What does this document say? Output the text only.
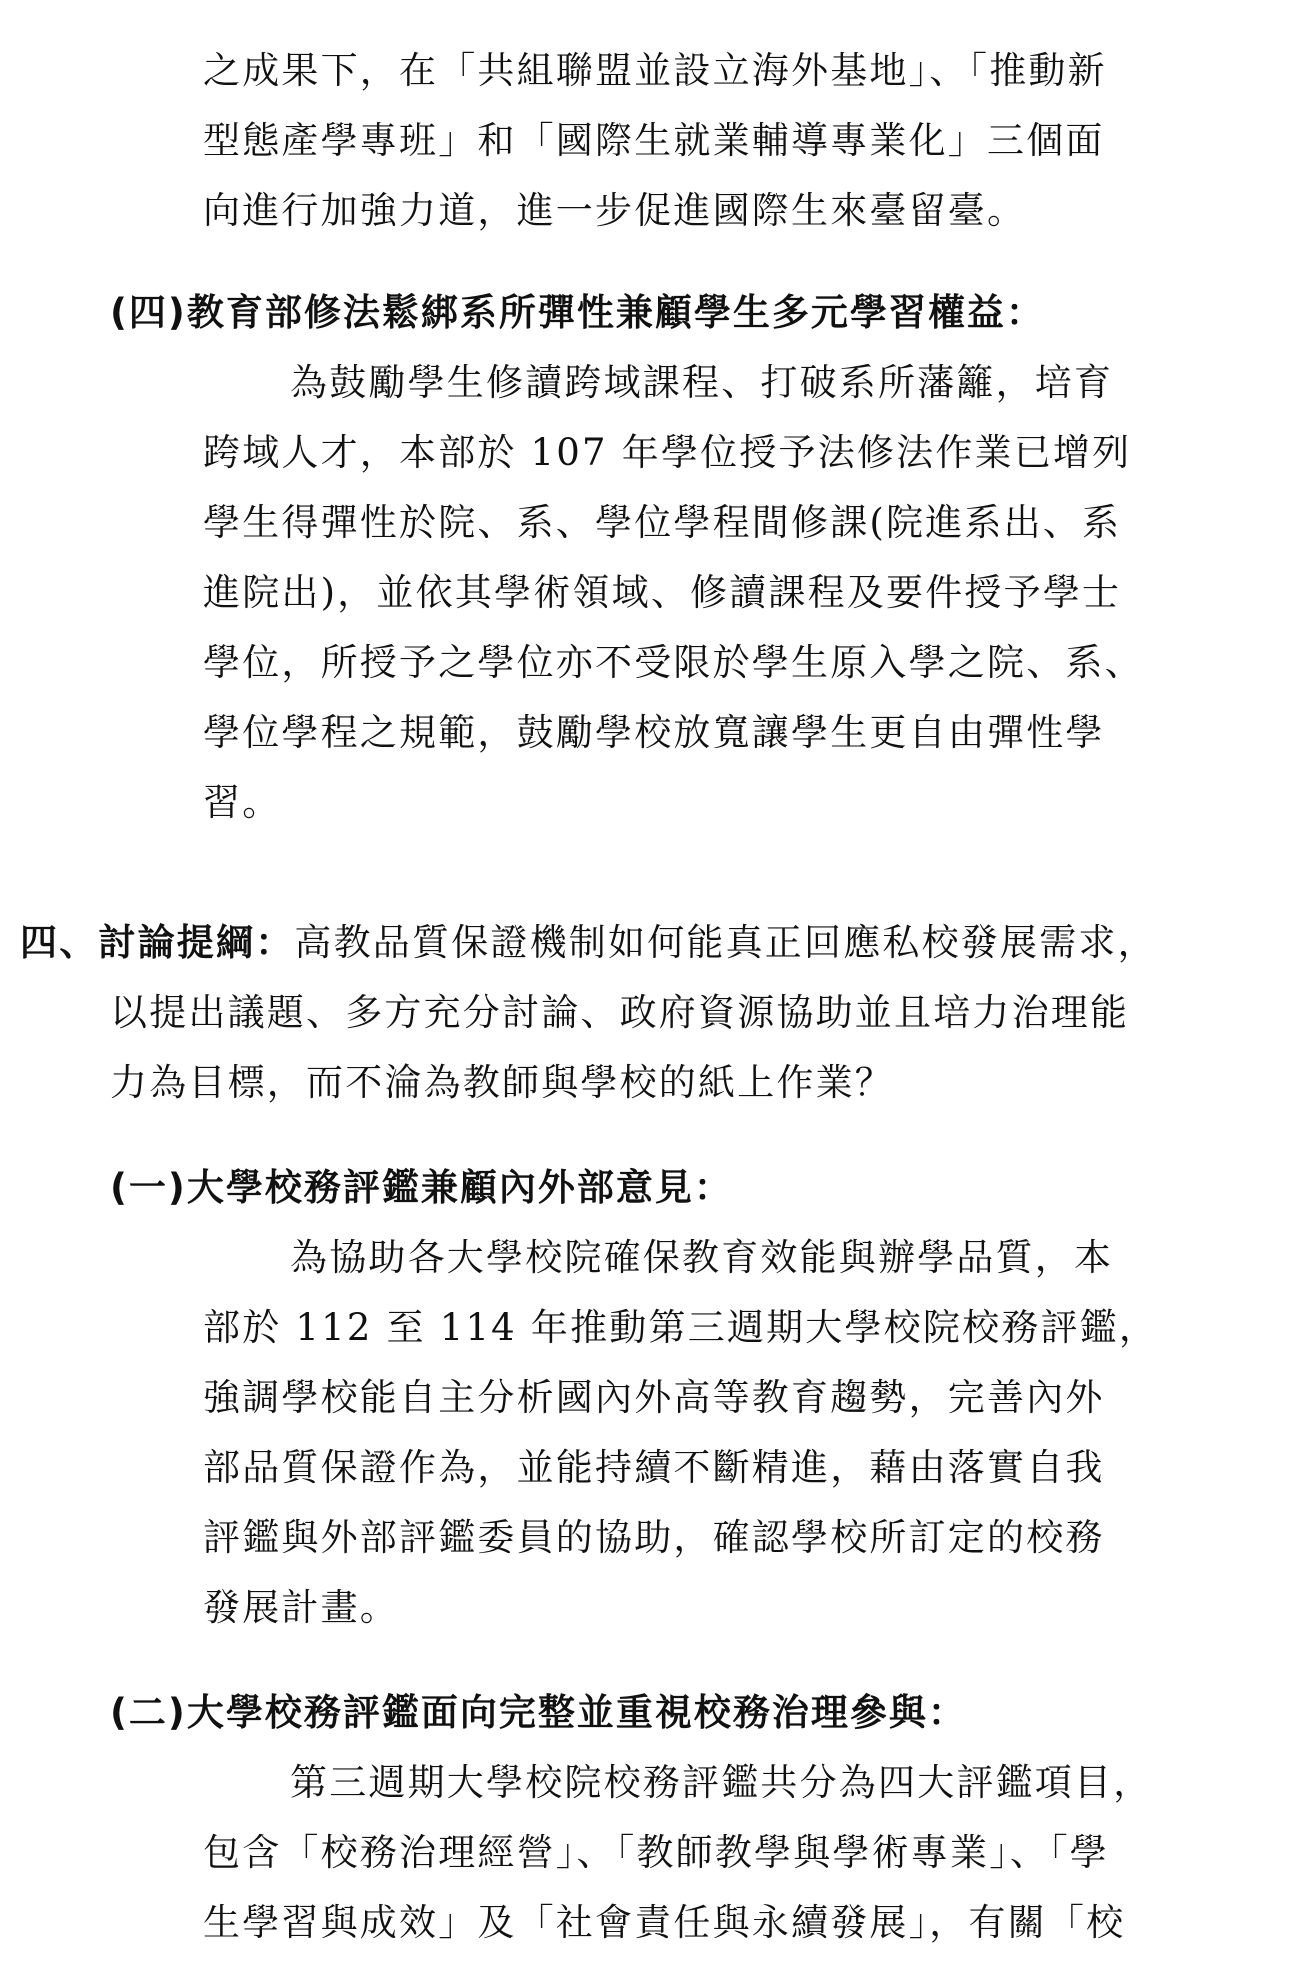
之成果下，在「共組聯盟並設立海外基地」、「推動新
型態產學專班」和「國際生就業輔導專業化」三個面
向進行加強力道，進一步促進國際生來臺留臺。
(四)教育部修法鬆綁系所彈性兼顧學生多元學習權益：
為鼓勵學生修讀跨域課程、打破系所藩籬，培育
跨域人才，本部於 107 年學位授予法修法作業已增列
學生得彈性於院、系、學位學程間修課(院進系出、系
進院出)，並依其學術領域、修讀課程及要件授予學士
學位，所授予之學位亦不受限於學生原入學之院、系、
學位學程之規範，鼓勵學校放寬讓學生更自由彈性學
習。
四、討論提綱：高教品質保證機制如何能真正回應私校發展需求，
以提出議題、多方充分討論、政府資源協助並且培力治理能
力為目標，而不淪為教師與學校的紙上作業？
(一)大學校務評鑑兼顧內外部意見：
為協助各大學校院確保教育效能與辦學品質，本
部於 112 至 114 年推動第三週期大學校院校務評鑑，
強調學校能自主分析國內外高等教育趨勢，完善內外
部品質保證作為，並能持續不斷精進，藉由落實自我
評鑑與外部評鑑委員的協助，確認學校所訂定的校務
發展計畫。
(二)大學校務評鑑面向完整並重視校務治理參與：
第三週期大學校院校務評鑑共分為四大評鑑項目，
包含「校務治理經營」、「教師教學與學術專業」、「學
生學習與成效」及「社會責任與永續發展」，有關「校
